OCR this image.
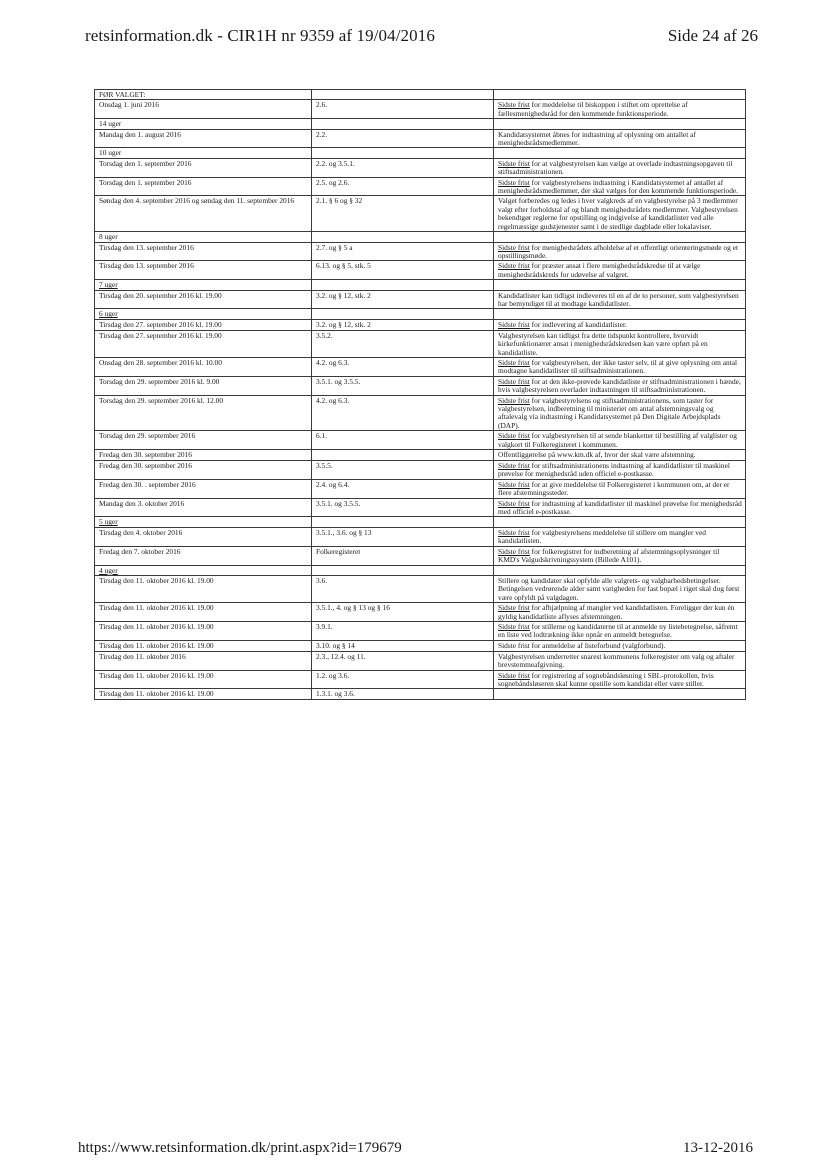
retsinformation.dk - CIR1H nr 9359 af 19/04/2016	Side 24 af 26
FØR VALGET:		
Onsdag 1. juni 2016	2.6.	Sidste frist for meddelelse til biskoppen i stiftet om oprettelse af fællesmenighedsråd for den kommende funktionsperiode.
14 uger		
Mandag den 1. august 2016	2.2.	Kandidatsystemet åbnes for indtastning af oplysning om antallet af menighedsrådsmedlemmer.
10 uger		
Torsdag den 1. september 2016	2.2. og 3.5.1.	Sidste frist for at valgbestyrelsen kan vælge at overlade indtastningsopgaven til stiftsadministrationen.
Torsdag den 1. september 2016	2.5. og 2.6.	Sidste frist for valgbestyrelsens indtastning i Kandidatsystemet af antallet af menighedsrådsmedlemmer, der skal vælges for den kommende funktionsperiode.
Søndag den 4. september 2016 og søndag den 11. september 2016	2.1. § 6 og § 32	Valget forberedes og ledes i hver valgkreds af en valgbestyrelse på 3 medlemmer valgt efter forholdstal af og blandt menighedsrådets medlemmer. Valgbestyrelsen bekendtgør reglerne for opstilling og indgivelse af kandidatlister ved alle regelmæssige gudstjenester samt i de stedlige dagblade eller lokalaviser.
8 uger		
Tirsdag den 13. september 2016	2.7. og § 5 a	Sidste frist for menighedsrådets afholdelse af et offentligt orienteringsmøde og et opstillingsmøde.
Tirsdag den 13. september 2016	6.13. og § 5, stk. 5	Sidste frist for præster ansat i flere menighedsrådskredse til at vælge menighedsrådskreds for udøvelse af valgret.
7 uger		
Tirsdag den 20. september 2016 kl. 19.00	3.2. og § 12, stk. 2	Kandidatlister kan tidligst indleveres til en af de to personer, som valgbestyrelsen har bemyndiget til at modtage kandidatlister.
6 uger		
Tirsdag den 27. september 2016 kl. 19.00	3.2. og § 12, stk. 2	Sidste frist for indlevering af kandidatlister.
Tirsdag den 27. september 2016 kl. 19.00	3.5.2.	Valgbestyrelsen kan tidligst fra dette tidspunkt kontrollere, hvorvidt kirkefunktionærer ansat i menighedsrådskredsen kan være opført på en kandidatliste.
Onsdag den 28. september 2016 kl. 10.00	4.2. og 6.3.	Sidste frist for valgbestyrelsen, der ikke taster selv, til at give oplysning om antal modtagne kandidatlister til stiftsadministrationen.
Torsdag den 29. september 2016 kl. 9.00	3.5.1. og 3.5.5.	Sidste frist for at den ikke-prøvede kandidatliste er stiftsadministrationen i hænde, hvis valgbestyrelsen overlader indtastningen til stiftsadministrationen.
Torsdag den 29. september 2016 kl. 12.00	4.2. og 6.3.	Sidste frist for valgbestyrelsens og stiftsadministrationens, som taster for valgbestyrelsen, indberetning til ministeriet om antal afstemningsvalg og aftalevalg via indtastning i Kandidatsystemet på Den Digitale Arbejdsplads (DAP).
Torsdag den 29. september 2016	6.1.	Sidste frist for valgbestyrelsen til at sende blanketter til bestilling af valglister og valgkort til Folkeregisteret i kommunen.
Fredag den 30. september 2016		Offentliggørelse på www.km.dk af, hvor der skal være afstemning.
Fredag den 30. september 2016	3.5.5.	Sidste frist for stiftsadministrationens indtastning af kandidatlister til maskinel prøvelse for menighedsråd uden officiel e-postkasse.
Fredag den 30. . september 2016	2.4. og 6.4.	Sidste frist for at give meddelelse til Folkeregisteret i kommunen om, at der er flere afstemningssteder.
Mandag den 3. oktober 2016	3.5.1. og 3.5.5.	Sidste frist for indtastning af kandidatlister til maskinel prøvelse for menighedsråd med officiel e-postkasse.
5 uger		
Tirsdag den 4. oktober 2016	3.5.1., 3.6. og § 13	Sidste frist for valgbestyrelsens meddelelse til stillere om mangler ved kandidatlisten.
Fredag den 7. oktober 2016	Folkeregisteret	Sidste frist for folkeregistret for indberetning af afstemningsoplysninger til KMD's Valgudskrivningssystem (Billede A101).
4 uger		
Tirsdag den 11. oktober 2016 kl. 19.00	3.6.	Stillere og kandidater skal opfylde alle valgrets- og valgbarhedsbetingelser. Betingelsen vedrørende alder samt varigheden for fast bopæl i riget skal dog først være opfyldt på valgdagen.
Tirsdag den 11. oktober 2016 kl. 19.00	3.5.1., 4. og § 13 og § 16	Sidste frist for afhjælpning af mangler ved kandidatlisten. Foreligger der kun én gyldig kandidatliste aflyses afstemningen.
Tirsdag den 11. oktober 2016 kl. 19.00	3.9.1.	Sidste frist for stillerne og kandidaterne til at anmelde ny listebetegnelse, såfremt en liste ved lodtrækning ikke opnår en anmeldt betegnelse.
Tirsdag den 11. oktober 2016 kl. 19.00	3.10. og § 14	Sidste frist for anmeldelse af listeforbund (valgforbund).
Tirsdag den 11. oktober 2016	2.3., 12.4. og 11.	Valgbestyrelsen underretter snarest kommunens folkeregister om valg og aftaler brevstemmeafgivning.
Tirsdag den 11. oktober 2016 kl. 19.00	1.2. og 3.6.	Sidste frist for registrering af sognebåndsløsning i SBL-protokollen, hvis sognebåndsløseren skal kunne opstille som kandidat eller være stiller.
Tirsdag den 11. oktober 2016 kl. 19.00	1.3.1. og 3.6.	
https://www.retsinformation.dk/print.aspx?id=179679	13-12-2016
